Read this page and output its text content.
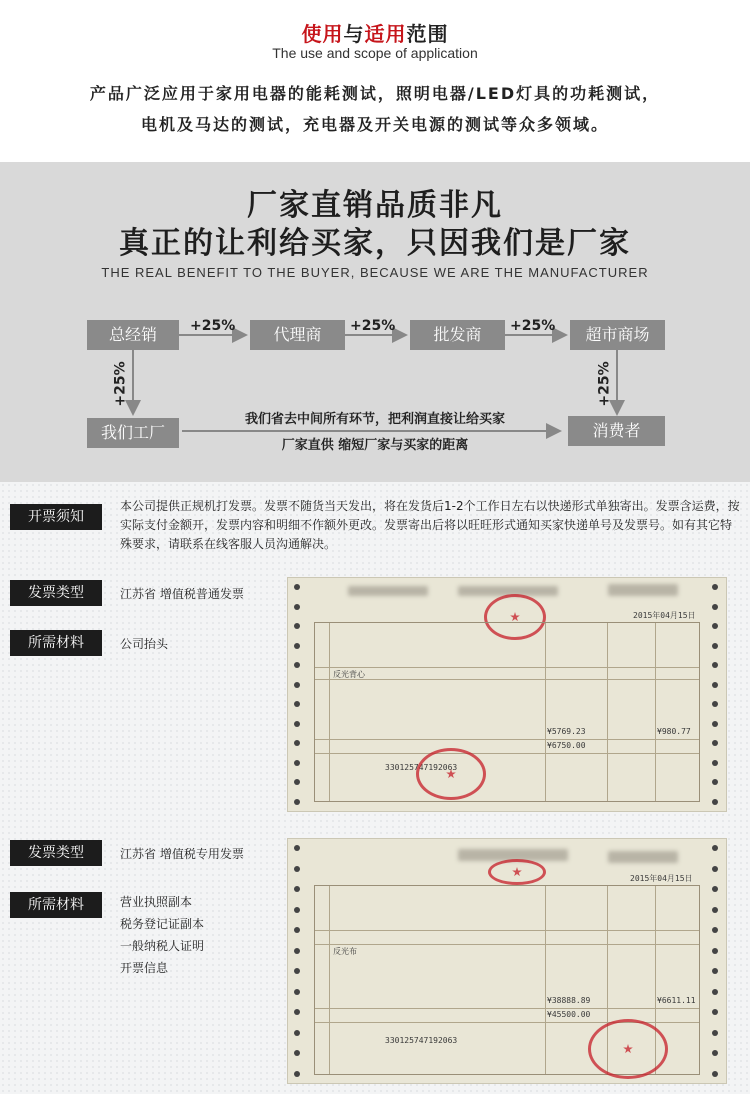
使用与适用范围
The use and scope of application
产品广泛应用于家用电器的能耗测试，照明电器/LED灯具的功耗测试，
电机及马达的测试，充电器及开关电源的测试等众多领域。
厂家直销品质非凡
真正的让利给买家，只因我们是厂家
THE REAL BENEFIT TO THE BUYER, BECAUSE WE ARE THE MANUFACTURER
总经销	代理商	批发商	超市商场
我们工厂	消费者
+25%	+25%	+25%
+25%	+25%
我们省去中间所有环节，把利润直接让给买家
厂家直供 缩短厂家与买家的距离
开票须知
本公司提供正规机打发票。发票不随货当天发出，将在发货后1-2个工作日左右以快递形式单独寄出。发票含运费，按实际支付金额开，发票内容和明细不作额外更改。发票寄出后将以旺旺形式通知买家快递单号及发票号。如有其它特殊要求，请联系在线客服人员沟通解决。
发票类型	江苏省 增值税普通发票
所需材料	公司抬头
2015年04月15日
反光背心
¥5769.23	¥980.77
¥6750.00
330125747192063
发票类型	江苏省 增值税专用发票
所需材料	营业执照副本
税务登记证副本
一般纳税人证明
开票信息
2015年04月15日
反光布
¥38888.89	¥6611.11
¥45500.00
330125747192063
